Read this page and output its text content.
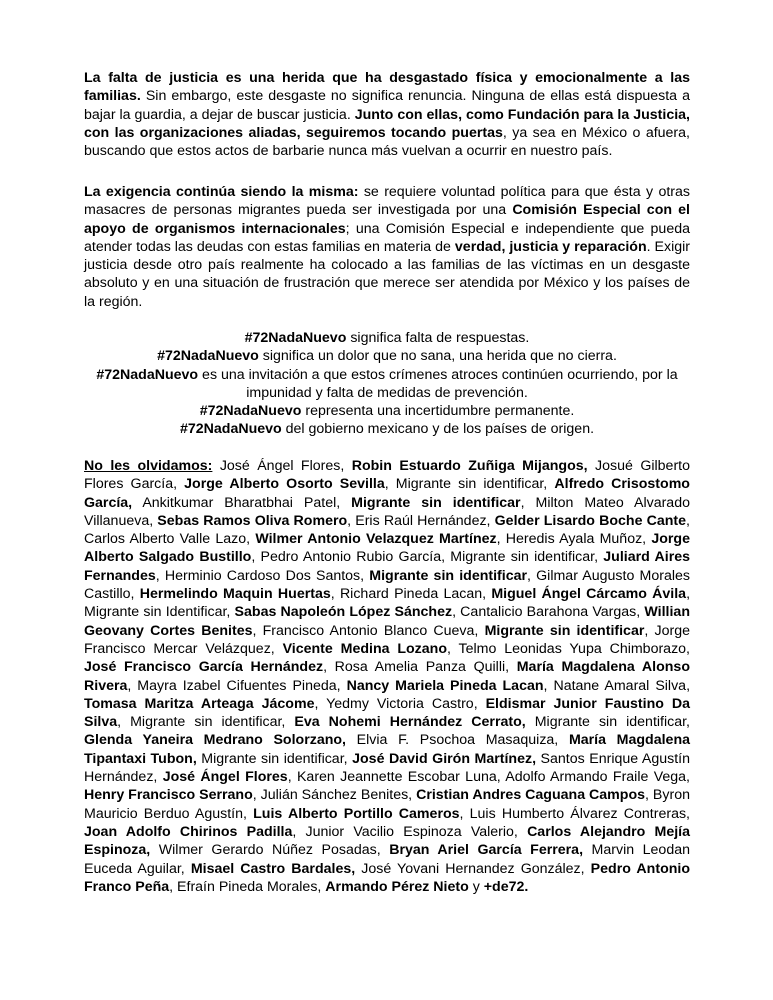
La falta de justicia es una herida que ha desgastado física y emocionalmente a las familias. Sin embargo, este desgaste no significa renuncia. Ninguna de ellas está dispuesta a bajar la guardia, a dejar de buscar justicia. Junto con ellas, como Fundación para la Justicia, con las organizaciones aliadas, seguiremos tocando puertas, ya sea en México o afuera, buscando que estos actos de barbarie nunca más vuelvan a ocurrir en nuestro país.
La exigencia continúa siendo la misma: se requiere voluntad política para que ésta y otras masacres de personas migrantes pueda ser investigada por una Comisión Especial con el apoyo de organismos internacionales; una Comisión Especial e independiente que pueda atender todas las deudas con estas familias en materia de verdad, justicia y reparación. Exigir justicia desde otro país realmente ha colocado a las familias de las víctimas en un desgaste absoluto y en una situación de frustración que merece ser atendida por México y los países de la región.
#72NadaNuevo significa falta de respuestas.
#72NadaNuevo significa un dolor que no sana, una herida que no cierra.
#72NadaNuevo es una invitación a que estos crímenes atroces continúen ocurriendo, por la impunidad y falta de medidas de prevención.
#72NadaNuevo representa una incertidumbre permanente.
#72NadaNuevo del gobierno mexicano y de los países de origen.
No les olvidamos: José Ángel Flores, Robin Estuardo Zuñiga Mijangos, Josué Gilberto Flores García, Jorge Alberto Osorto Sevilla, Migrante sin identificar, Alfredo Crisostomo García, Ankitkumar Bharatbhai Patel, Migrante sin identificar, Milton Mateo Alvarado Villanueva, Sebas Ramos Oliva Romero, Eris Raúl Hernández, Gelder Lisardo Boche Cante, Carlos Alberto Valle Lazo, Wilmer Antonio Velazquez Martínez, Heredis Ayala Muñoz, Jorge Alberto Salgado Bustillo, Pedro Antonio Rubio García, Migrante sin identificar, Juliard Aires Fernandes, Herminio Cardoso Dos Santos, Migrante sin identificar, Gilmar Augusto Morales Castillo, Hermelindo Maquin Huertas, Richard Pineda Lacan, Miguel Ángel Cárcamo Ávila, Migrante sin Identificar, Sabas Napoleón López Sánchez, Cantalicio Barahona Vargas, Willian Geovany Cortes Benites, Francisco Antonio Blanco Cueva, Migrante sin identificar, Jorge Francisco Mercar Velázquez, Vicente Medina Lozano, Telmo Leonidas Yupa Chimborazo, José Francisco García Hernández, Rosa Amelia Panza Quilli, María Magdalena Alonso Rivera, Mayra Izabel Cifuentes Pineda, Nancy Mariela Pineda Lacan, Natane Amaral Silva, Tomasa Maritza Arteaga Jácome, Yedmy Victoria Castro, Eldismar Junior Faustino Da Silva, Migrante sin identificar, Eva Nohemi Hernández Cerrato, Migrante sin identificar, Glenda Yaneira Medrano Solorzano, Elvia F. Psochoa Masaquiza, María Magdalena Tipantaxi Tubon, Migrante sin identificar, José David Girón Martínez, Santos Enrique Agustín Hernández, José Ángel Flores, Karen Jeannette Escobar Luna, Adolfo Armando Fraile Vega, Henry Francisco Serrano, Julián Sánchez Benites, Cristian Andres Caguana Campos, Byron Mauricio Berduo Agustín, Luis Alberto Portillo Cameros, Luis Humberto Álvarez Contreras, Joan Adolfo Chirinos Padilla, Junior Vacilio Espinoza Valerio, Carlos Alejandro Mejía Espinoza, Wilmer Gerardo Núñez Posadas, Bryan Ariel García Ferrera, Marvin Leodan Euceda Aguilar, Misael Castro Bardales, José Yovani Hernandez González, Pedro Antonio Franco Peña, Efraín Pineda Morales, Armando Pérez Nieto y +de72.
